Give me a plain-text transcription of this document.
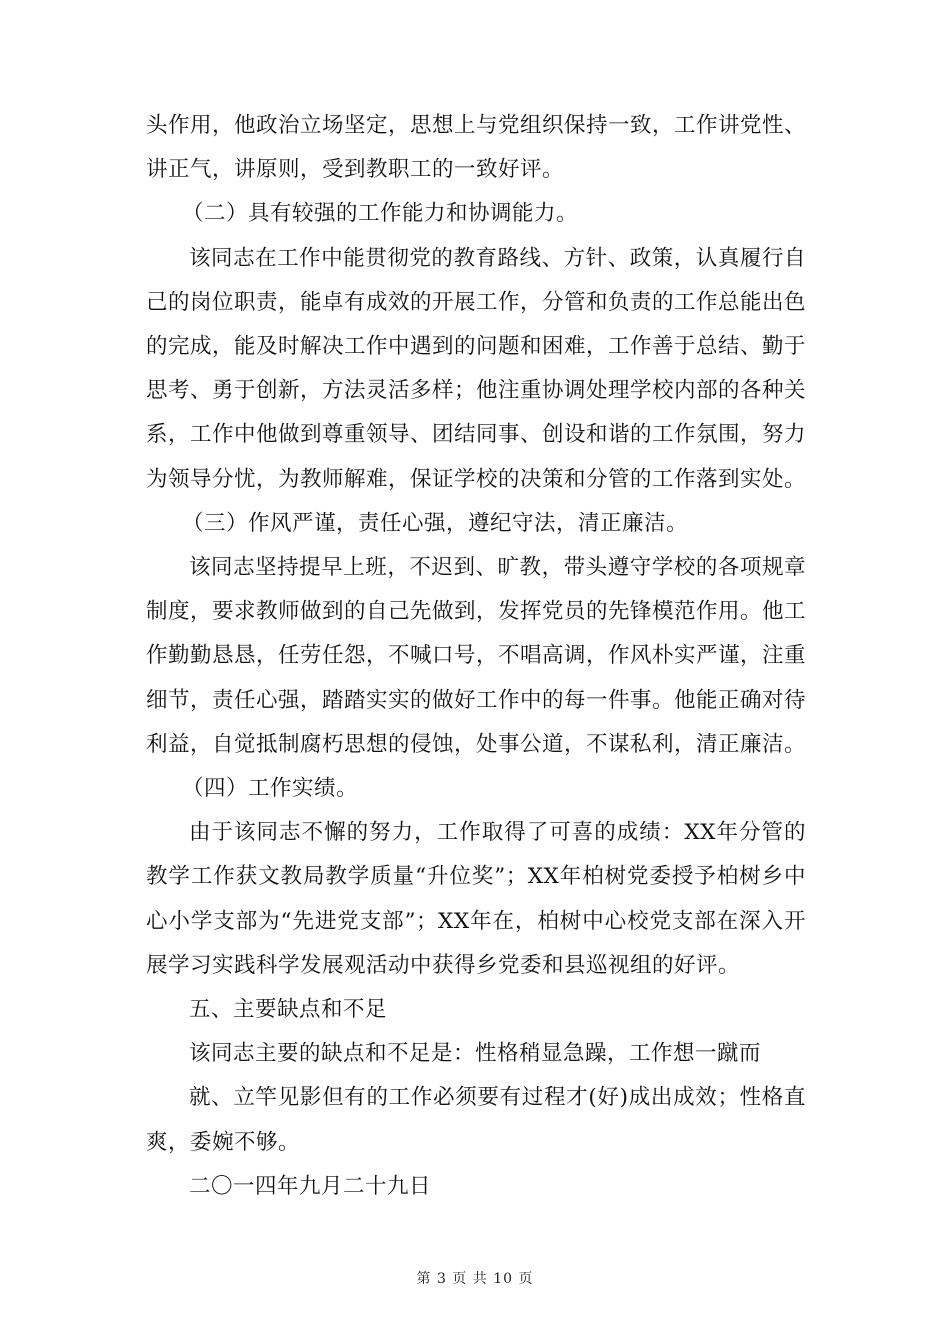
头作用，他政治立场坚定，思想上与党组织保持一致，工作讲党性、讲正气，讲原则，受到教职工的一致好评。

（二）具有较强的工作能力和协调能力。

该同志在工作中能贯彻党的教育路线、方针、政策，认真履行自己的岗位职责，能卓有成效的开展工作，分管和负责的工作总能出色的完成，能及时解决工作中遇到的问题和困难，工作善于总结、勤于思考、勇于创新，方法灵活多样；他注重协调处理学校内部的各种关系，工作中他做到尊重领导、团结同事、创设和谐的工作氛围，努力为领导分忧，为教师解难，保证学校的决策和分管的工作落到实处。

（三）作风严谨，责任心强，遵纪守法，清正廉洁。

该同志坚持提早上班，不迟到、旷教，带头遵守学校的各项规章制度，要求教师做到的自己先做到，发挥党员的先锋模范作用。他工作勤勤恳恳，任劳任怨，不喊口号，不唱高调，作风朴实严谨，注重细节，责任心强，踏踏实实的做好工作中的每一件事。他能正确对待利益，自觉抵制腐朽思想的侵蚀，处事公道，不谋私利，清正廉洁。

（四）工作实绩。

由于该同志不懈的努力，工作取得了可喜的成绩：XX年分管的教学工作获文教局教学质量“升位奖”；XX年柏树党委授予柏树乡中心小学支部为“先进党支部”；XX年在，柏树中心校党支部在深入开展学习实践科学发展观活动中获得乡党委和县巡视组的好评。

五、主要缺点和不足

该同志主要的缺点和不足是：性格稍显急躁，工作想一蹴而

就、立竿见影但有的工作必须要有过程才(好)成出成效；性格直爽，委婉不够。

二〇一四年九月二十九日

第 3 页 共 10 页
